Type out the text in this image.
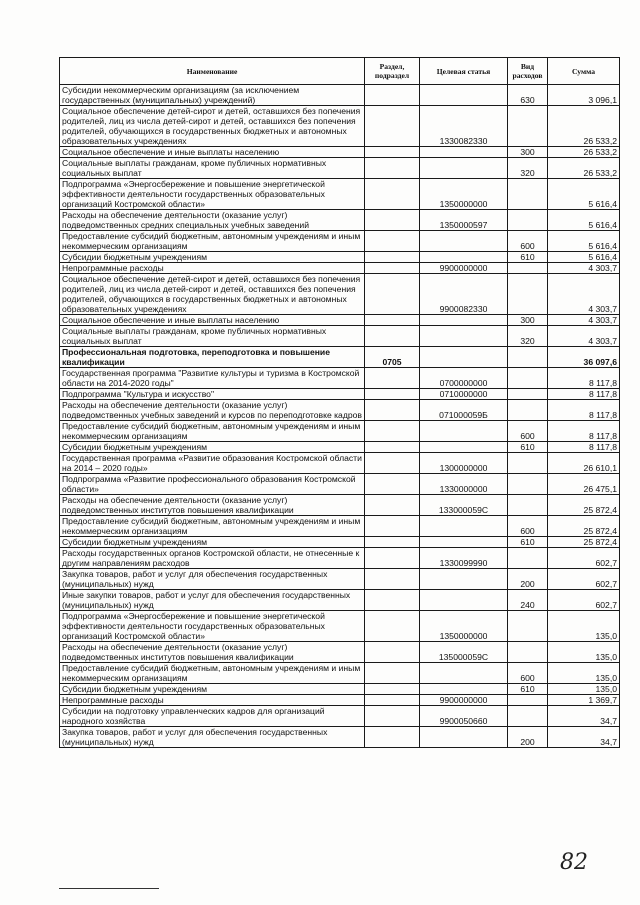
Наименование	Раздел, подраздел	Целевая статья	Вид расходов	Сумма
Субсидии некоммерческим организациям (за исключением государственных (муниципальных) учреждений)			630	3 096,1
Социальное обеспечение детей-сирот и детей, оставшихся без попечения родителей, лиц из числа детей-сирот и детей, оставшихся без попечения родителей, обучающихся в государственных бюджетных и автономных образовательных учреждениях		1330082330		26 533,2
Социальное обеспечение и иные выплаты населению			300	26 533,2
Социальные выплаты гражданам, кроме публичных нормативных социальных выплат			320	26 533,2
Подпрограмма «Энергосбережение и повышение энергетической эффективности деятельности государственных образовательных организаций Костромской области»		1350000000		5 616,4
Расходы на обеспечение деятельности (оказание услуг) подведомственных средних специальных учебных заведений		1350000597		5 616,4
Предоставление субсидий бюджетным, автономным учреждениям и иным некоммерческим организациям			600	5 616,4
Субсидии бюджетным учреждениям			610	5 616,4
Непрограммные расходы		9900000000		4 303,7
Социальное обеспечение детей-сирот и детей, оставшихся без попечения родителей, лиц из числа детей-сирот и детей, оставшихся без попечения родителей, обучающихся в государственных бюджетных и автономных образовательных учреждениях		9900082330		4 303,7
Социальное обеспечение и иные выплаты населению			300	4 303,7
Социальные выплаты гражданам, кроме публичных нормативных социальных выплат			320	4 303,7
Профессиональная подготовка, переподготовка и повышение квалификации	0705			36 097,6
Государственная программа "Развитие культуры и туризма в Костромской области на 2014-2020 годы"		0700000000		8 117,8
Подпрограмма "Культура и искусство"		0710000000		8 117,8
Расходы на обеспечение деятельности (оказание услуг) подведомственных учебных заведений и курсов по переподготовке кадров		071000059Б		8 117,8
Предоставление субсидий бюджетным, автономным учреждениям и иным некоммерческим организациям			600	8 117,8
Субсидии бюджетным учреждениям			610	8 117,8
Государственная программа «Развитие образования Костромской области на 2014 – 2020 годы»		1300000000		26 610,1
Подпрограмма «Развитие профессионального образования Костромской области»		1330000000		26 475,1
Расходы на обеспечение деятельности (оказание услуг) подведомственных институтов повышения квалификации		133000059С		25 872,4
Предоставление субсидий бюджетным, автономным учреждениям и иным некоммерческим организациям			600	25 872,4
Субсидии бюджетным учреждениям			610	25 872,4
Расходы государственных органов Костромской области, не отнесенные к другим направлениям расходов		1330099990		602,7
Закупка товаров, работ и услуг для обеспечения государственных (муниципальных) нужд			200	602,7
Иные закупки товаров, работ и услуг для обеспечения государственных (муниципальных) нужд			240	602,7
Подпрограмма «Энергосбережение и повышение энергетической эффективности деятельности государственных образовательных организаций Костромской области»		1350000000		135,0
Расходы на обеспечение деятельности (оказание услуг) подведомственных институтов повышения квалификации		135000059С		135,0
Предоставление субсидий бюджетным, автономным учреждениям и иным некоммерческим организациям			600	135,0
Субсидии бюджетным учреждениям			610	135,0
Непрограммные расходы		9900000000		1 369,7
Субсидии на подготовку управленческих кадров для организаций народного хозяйства		9900050660		34,7
Закупка товаров, работ и услуг для обеспечения государственных (муниципальных) нужд			200	34,7
82
